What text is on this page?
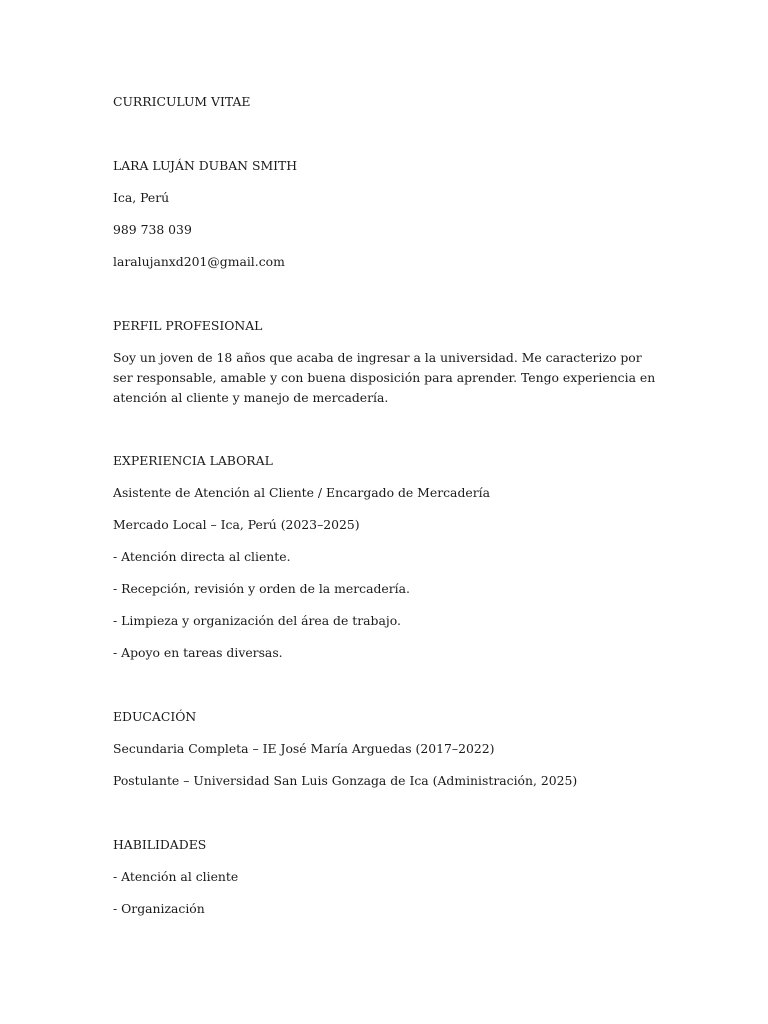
CURRICULUM VITAE
LARA LUJÁN DUBAN SMITH
Ica, Perú
989 738 039
laralujanxd201@gmail.com
PERFIL PROFESIONAL
Soy un joven de 18 años que acaba de ingresar a la universidad. Me caracterizo por ser responsable, amable y con buena disposición para aprender. Tengo experiencia en atención al cliente y manejo de mercadería.
EXPERIENCIA LABORAL
Asistente de Atención al Cliente / Encargado de Mercadería
Mercado Local – Ica, Perú (2023–2025)
- Atención directa al cliente.
- Recepción, revisión y orden de la mercadería.
- Limpieza y organización del área de trabajo.
- Apoyo en tareas diversas.
EDUCACIÓN
Secundaria Completa – IE José María Arguedas (2017–2022)
Postulante – Universidad San Luis Gonzaga de Ica (Administración, 2025)
HABILIDADES
- Atención al cliente
- Organización
